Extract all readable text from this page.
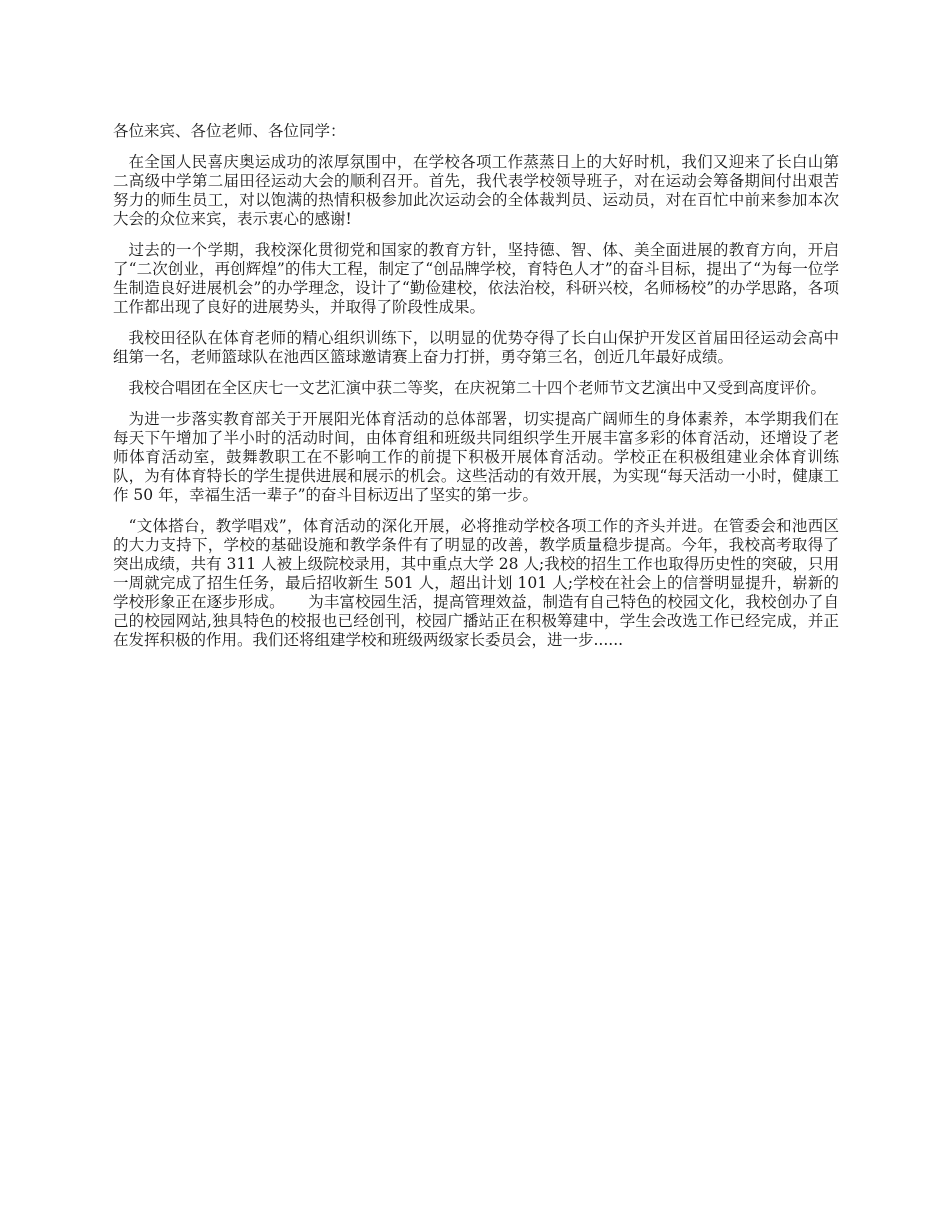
各位来宾、各位老师、各位同学：

在全国人民喜庆奥运成功的浓厚氛围中，在学校各项工作蒸蒸日上的大好时机，我们又迎来了长白山第二高级中学第二届田径运动大会的顺利召开。首先，我代表学校领导班子，对在运动会筹备期间付出艰苦努力的师生员工，对以饱满的热情积极参加此次运动会的全体裁判员、运动员，对在百忙中前来参加本次大会的众位来宾，表示衷心的感谢!

过去的一个学期，我校深化贯彻党和国家的教育方针，坚持德、智、体、美全面进展的教育方向，开启了“二次创业，再创辉煌”的伟大工程，制定了“创品牌学校，育特色人才”的奋斗目标，提出了“为每一位学生制造良好进展机会”的办学理念，设计了“勤俭建校，依法治校，科研兴校，名师杨校”的办学思路，各项工作都出现了良好的进展势头，并取得了阶段性成果。

我校田径队在体育老师的精心组织训练下，以明显的优势夺得了长白山保护开发区首届田径运动会高中组第一名，老师篮球队在池西区篮球邀请赛上奋力打拼，勇夺第三名，创近几年最好成绩。

我校合唱团在全区庆七一文艺汇演中获二等奖，在庆祝第二十四个老师节文艺演出中又受到高度评价。

为进一步落实教育部关于开展阳光体育活动的总体部署，切实提高广阔师生的身体素养，本学期我们在每天下午增加了半小时的活动时间，由体育组和班级共同组织学生开展丰富多彩的体育活动，还增设了老师体育活动室，鼓舞教职工在不影响工作的前提下积极开展体育活动。学校正在积极组建业余体育训练队，为有体育特长的学生提供进展和展示的机会。这些活动的有效开展，为实现“每天活动一小时，健康工作 50 年，幸福生活一辈子”的奋斗目标迈出了坚实的第一步。

“文体搭台，教学唱戏”，体育活动的深化开展，必将推动学校各项工作的齐头并进。在管委会和池西区的大力支持下，学校的基础设施和教学条件有了明显的改善，教学质量稳步提高。今年，我校高考取得了突出成绩，共有 311 人被上级院校录用，其中重点大学 28 人;我校的招生工作也取得历史性的突破，只用一周就完成了招生任务，最后招收新生 501 人，超出计划 101 人;学校在社会上的信誉明显提升，崭新的学校形象正在逐步形成。　　为丰富校园生活，提高管理效益，制造有自己特色的校园文化，我校创办了自己的校园网站,独具特色的校报也已经创刊，校园广播站正在积极筹建中，学生会改选工作已经完成，并正在发挥积极的作用。我们还将组建学校和班级两级家长委员会，进一步......
